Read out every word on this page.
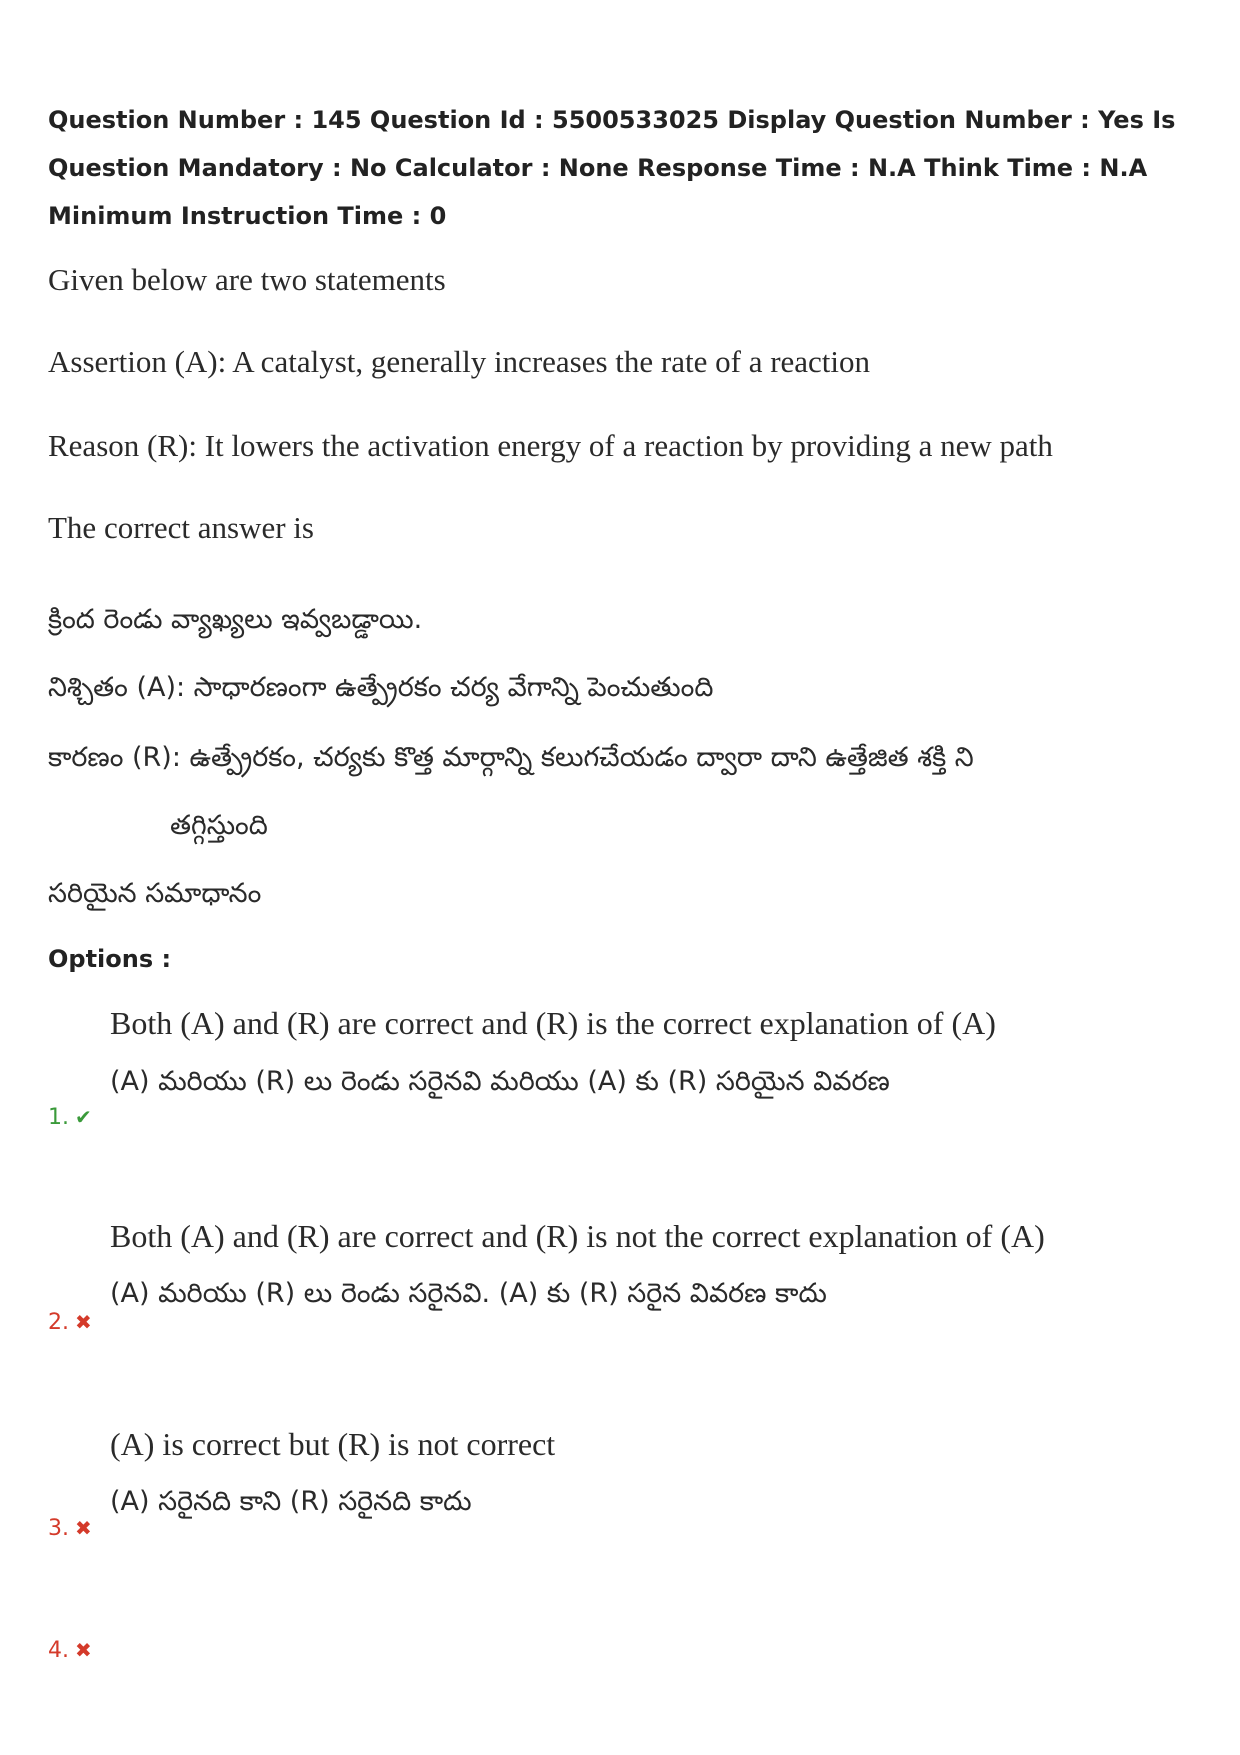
Question Number : 145 Question Id : 5500533025 Display Question Number : Yes Is Question Mandatory : No Calculator : None Response Time : N.A Think Time : N.A Minimum Instruction Time : 0
Given below are two statements
Assertion (A): A catalyst, generally increases the rate of a reaction
Reason (R): It lowers the activation energy of a reaction by providing a new path
The correct answer is
క్రింద రెండు వ్యాఖ్యలు ఇవ్వబడ్డాయి.
నిశ్చితం (A): సాధారణంగా ఉత్ప్రేరకం చర్య వేగాన్ని పెంచుతుంది
కారణం (R): ఉత్ప్రేరకం, చర్యకు కొత్త మార్గాన్ని కలుగచేయడం ద్వారా దాని ఉత్తేజిత శక్తి ని
తగ్గిస్తుంది
సరియైన సమాధానం
Options :
Both (A) and (R) are correct and (R) is the correct explanation of (A)
(A) మరియు (R) లు రెండు సరైనవి మరియు (A) కు (R) సరియైన వివరణ
1. ✔
Both (A) and (R) are correct and (R) is not the correct explanation of (A)
(A) మరియు (R) లు రెండు సరైనవి. (A) కు (R) సరైన వివరణ కాదు
2. ✖
(A) is correct but (R) is not correct
(A) సరైనది కాని (R) సరైనది కాదు
3. ✖
4. ✖
